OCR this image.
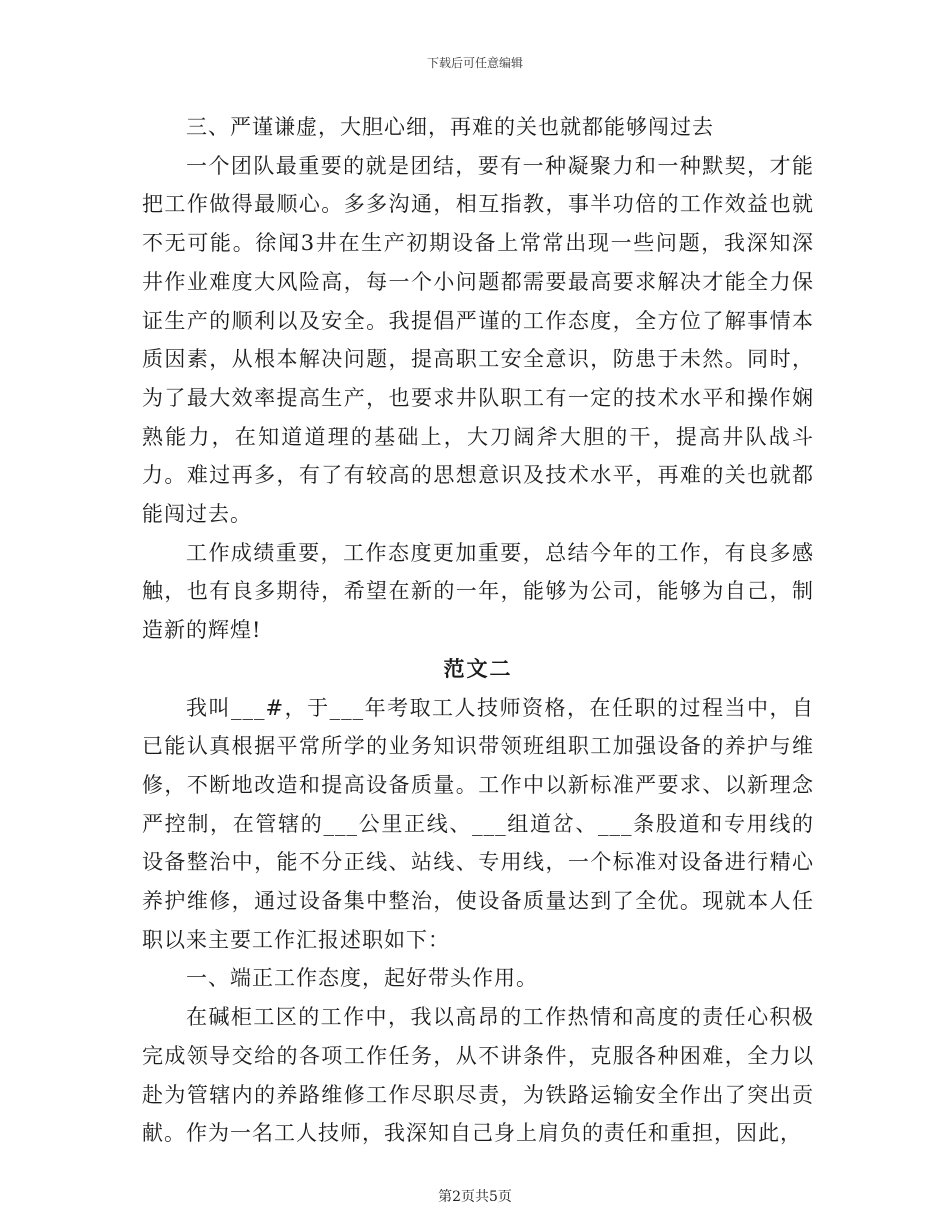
下载后可任意编辑

三、严谨谦虚，大胆心细，再难的关也就都能够闯过去

一个团队最重要的就是团结，要有一种凝聚力和一种默契，才能把工作做得最顺心。多多沟通，相互指教，事半功倍的工作效益也就不无可能。徐闻3井在生产初期设备上常常出现一些问题，我深知深井作业难度大风险高，每一个小问题都需要最高要求解决才能全力保证生产的顺利以及安全。我提倡严谨的工作态度，全方位了解事情本质因素，从根本解决问题，提高职工安全意识，防患于未然。同时，为了最大效率提高生产，也要求井队职工有一定的技术水平和操作娴熟能力，在知道道理的基础上，大刀阔斧大胆的干，提高井队战斗力。难过再多，有了有较高的思想意识及技术水平，再难的关也就都能闯过去。

工作成绩重要，工作态度更加重要，总结今年的工作，有良多感触，也有良多期待，希望在新的一年，能够为公司，能够为自己，制造新的辉煌!

范文二

我叫___#，于___年考取工人技师资格，在任职的过程当中，自已能认真根据平常所学的业务知识带领班组职工加强设备的养护与维修，不断地改造和提高设备质量。工作中以新标准严要求、以新理念严控制，在管辖的___公里正线、___组道岔、___条股道和专用线的设备整治中，能不分正线、站线、专用线，一个标准对设备进行精心养护维修，通过设备集中整治，使设备质量达到了全优。现就本人任职以来主要工作汇报述职如下：

一、端正工作态度，起好带头作用。

在碱柜工区的工作中，我以高昂的工作热情和高度的责任心积极完成领导交给的各项工作任务，从不讲条件，克服各种困难，全力以赴为管辖内的养路维修工作尽职尽责，为铁路运输安全作出了突出贡献。作为一名工人技师，我深知自己身上肩负的责任和重担，因此，

第2页共5页
